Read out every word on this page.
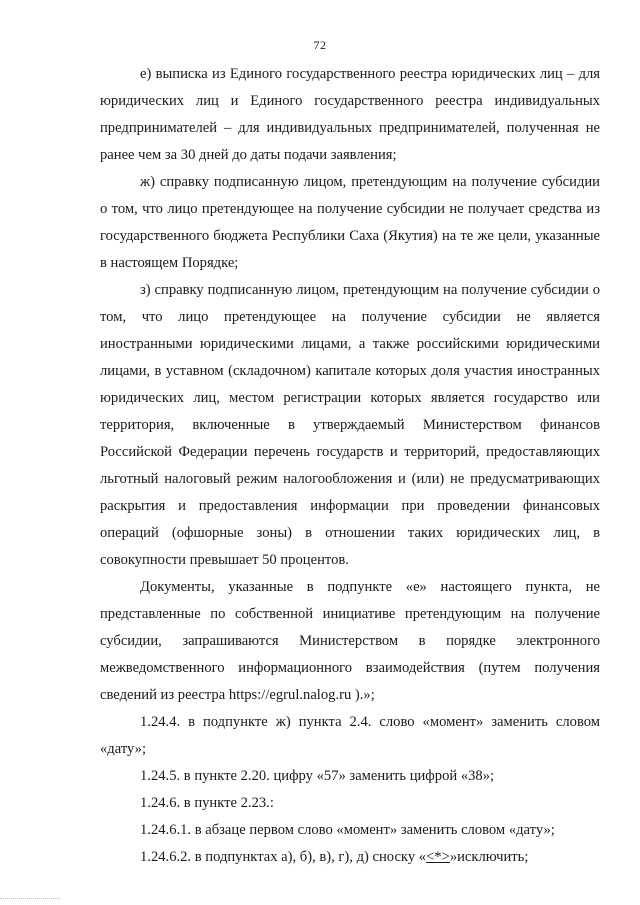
72

е) выписка из Единого государственного реестра юридических лиц – для юридических лиц и Единого государственного реестра индивидуальных предпринимателей – для индивидуальных предпринимателей, полученная не ранее чем за 30 дней до даты подачи заявления;

ж) справку подписанную лицом, претендующим на получение субсидии о том, что лицо претендующее на получение субсидии не получает средства из государственного бюджета Республики Саха (Якутия) на те же цели, указанные в настоящем Порядке;

з) справку подписанную лицом, претендующим на получение субсидии о том, что лицо претендующее на получение субсидии не является иностранными юридическими лицами, а также российскими юридическими лицами, в уставном (складочном) капитале которых доля участия иностранных юридических лиц, местом регистрации которых является государство или территория, включенные в утверждаемый Министерством финансов Российской Федерации перечень государств и территорий, предоставляющих льготный налоговый режим налогообложения и (или) не предусматривающих раскрытия и предоставления информации при проведении финансовых операций (офшорные зоны) в отношении таких юридических лиц, в совокупности превышает 50 процентов.

Документы, указанные в подпункте «е» настоящего пункта, не представленные по собственной инициативе претендующим на получение субсидии, запрашиваются Министерством в порядке электронного межведомственного информационного взаимодействия (путем получения сведений из реестра https://egrul.nalog.ru ).»;

1.24.4. в подпункте ж) пункта 2.4. слово «момент» заменить словом «дату»;

1.24.5. в пункте 2.20. цифру «57» заменить цифрой «38»;

1.24.6. в пункте 2.23.:

1.24.6.1. в абзаце первом слово «момент» заменить словом «дату»;

1.24.6.2. в подпунктах а), б), в), г), д) сноску «<*>»исключить;
